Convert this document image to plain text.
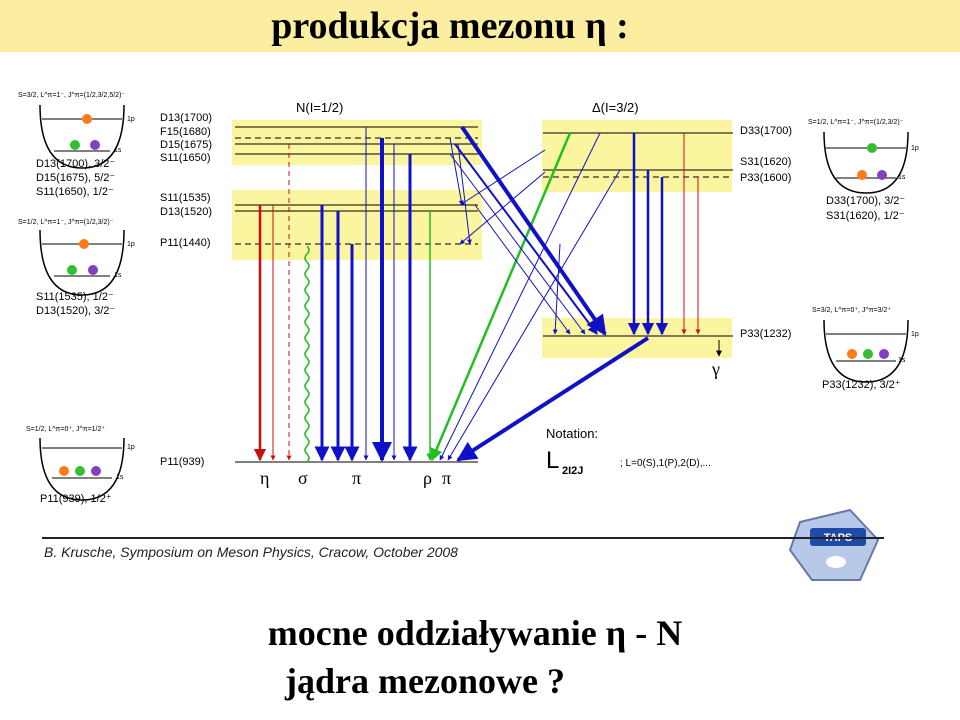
produkcja mezonu η :
D13(1700)
F15(1680)
D15(1675)
S11(1650)
S11(1535)
D13(1520)
P11(1440)
P11(939)
D33(1700)
S31(1620)
P33(1600)
P33(1232)
N(I=1/2)	Δ(I=3/2)
η σ π	ρ π
γ
Notation:
L 2I2J
; L=0(S),1(P),2(D),...
S=3/2, L^π=1⁻, J^π=(1/2,3/2,5/2)⁻
1p
1s
D13(1700), 3/2⁻
D15(1675), 5/2⁻
S11(1650), 1/2⁻
S=1/2, L^π=1⁻, J^π=(1/2,3/2)⁻
1p
1s
S11(1535), 1/2⁻
D13(1520), 3/2⁻
S=1/2, L^π=0⁺, J^π=1/2⁺
1p
1s
P11(939), 1/2⁺
S=1/2, L^π=1⁻, J^π=(1/2,3/2)⁻
1p
1s
D33(1700), 3/2⁻
S31(1620), 1/2⁻
S=3/2, L^π=0⁺, J^π=3/2⁺
1p
1s
P33(1232), 3/2⁺
B. Krusche, Symposium on Meson Physics, Cracow, October 2008
mocne oddziaływanie η - N
jądra mezonowe ?
